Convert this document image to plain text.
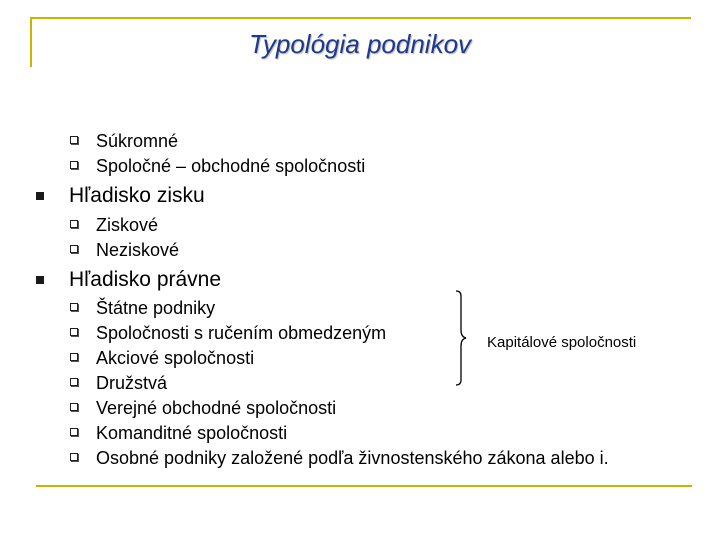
Typológia podnikov
Súkromné
Spoločné – obchodné spoločnosti
Hľadisko zisku
Ziskové
Neziskové
Hľadisko právne
Štátne podniky
Spoločnosti s ručením obmedzeným
Akciové spoločnosti
Družstvá
Verejné obchodné spoločnosti
Komanditné spoločnosti
Osobné podniky založené podľa živnostenského zákona alebo i.
Kapitálové spoločnosti
